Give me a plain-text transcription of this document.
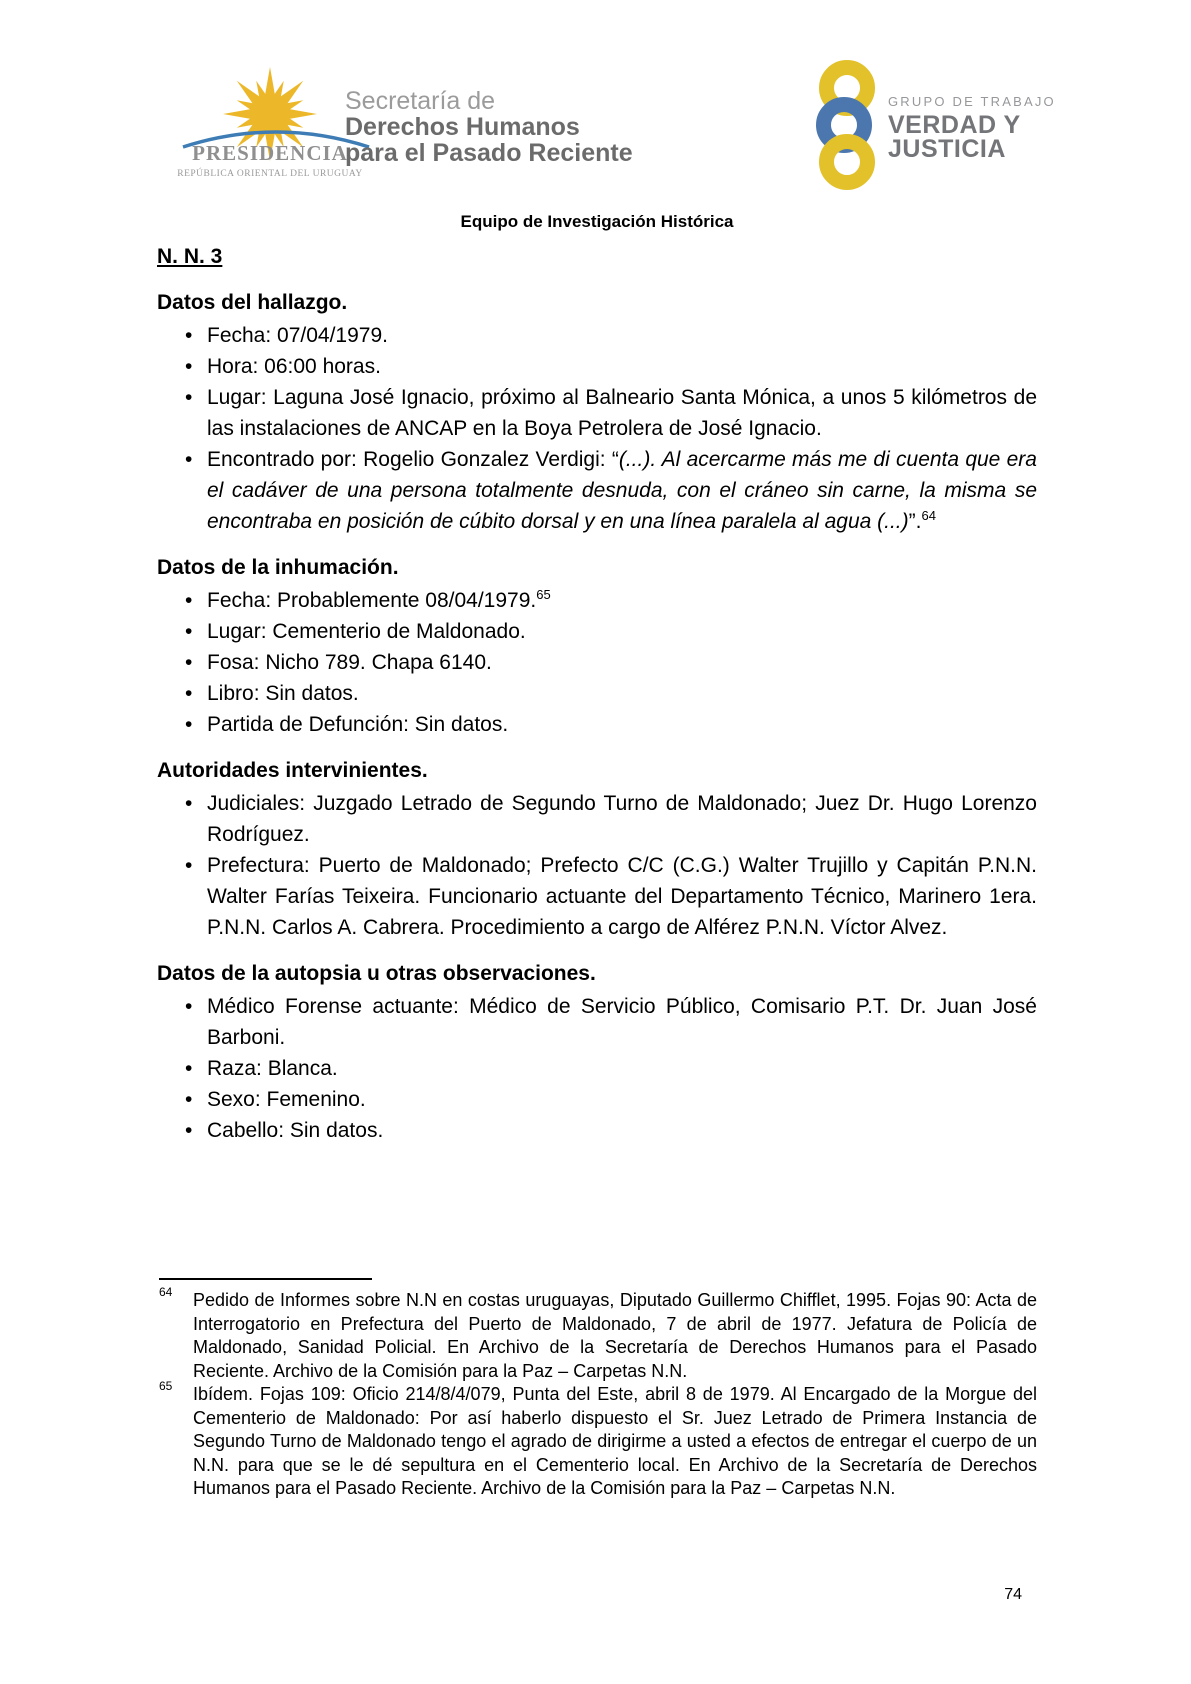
PRESIDENCIA
REPÚBLICA ORIENTAL DEL URUGUAY
Secretaría de
Derechos Humanos
para el Pasado Reciente
GRUPO DE TRABAJO
VERDAD Y
JUSTICIA
Equipo de Investigación Histórica
N. N. 3
Datos del hallazgo.
• Fecha: 07/04/1979.
• Hora: 06:00 horas.
• Lugar: Laguna José Ignacio, próximo al Balneario Santa Mónica, a unos 5 kilómetros de las instalaciones de ANCAP en la Boya Petrolera de José Ignacio.
• Encontrado por: Rogelio Gonzalez Verdigi: “(...). Al acercarme más me di cuenta que era el cadáver de una persona totalmente desnuda, con el cráneo sin carne, la misma se encontraba en posición de cúbito dorsal y en una línea paralela al agua (...)”.$^{64}$
Datos de la inhumación.
• Fecha: Probablemente 08/04/1979.65
• Lugar: Cementerio de Maldonado.
• Fosa: Nicho 789. Chapa 6140.
• Libro: Sin datos.
• Partida de Defunción: Sin datos.
Autoridades intervinientes.
• Judiciales: Juzgado Letrado de Segundo Turno de Maldonado; Juez Dr. Hugo Lorenzo Rodríguez.
• Prefectura: Puerto de Maldonado; Prefecto C/C (C.G.) Walter Trujillo y Capitán P.N.N. Walter Farías Teixeira. Funcionario actuante del Departamento Técnico, Marinero 1era. P.N.N. Carlos A. Cabrera. Procedimiento a cargo de Alférez P.N.N. Víctor Alvez.
Datos de la autopsia u otras observaciones.
• Médico Forense actuante: Médico de Servicio Público, Comisario P.T. Dr. Juan José Barboni.
• Raza: Blanca.
• Sexo: Femenino.
• Cabello: Sin datos.
64 Pedido de Informes sobre N.N en costas uruguayas, Diputado Guillermo Chifflet, 1995. Fojas 90: Acta de Interrogatorio en Prefectura del Puerto de Maldonado, 7 de abril de 1977. Jefatura de Policía de Maldonado, Sanidad Policial. En Archivo de la Secretaría de Derechos Humanos para el Pasado Reciente. Archivo de la Comisión para la Paz – Carpetas N.N.
65 Ibídem. Fojas 109: Oficio 214/8/4/079, Punta del Este, abril 8 de 1979. Al Encargado de la Morgue del Cementerio de Maldonado: Por así haberlo dispuesto el Sr. Juez Letrado de Primera Instancia de Segundo Turno de Maldonado tengo el agrado de dirigirme a usted a efectos de entregar el cuerpo de un N.N. para que se le dé sepultura en el Cementerio local. En Archivo de la Secretaría de Derechos Humanos para el Pasado Reciente. Archivo de la Comisión para la Paz – Carpetas N.N.
74
